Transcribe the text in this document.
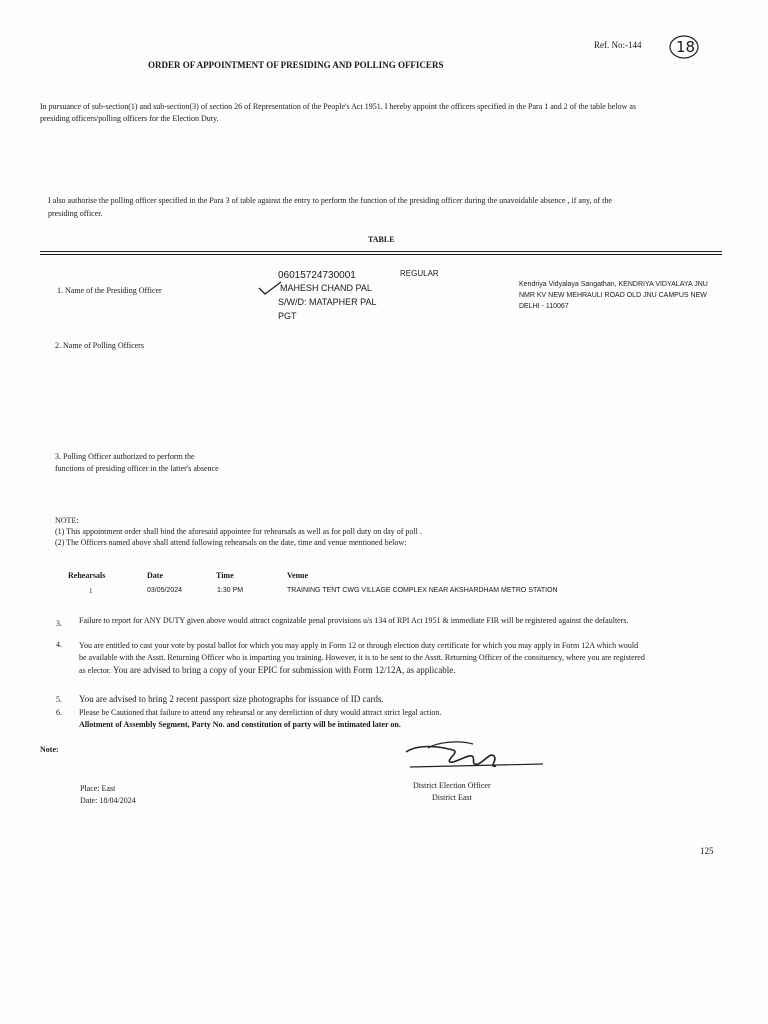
Ref. No:-144 18
ORDER OF APPOINTMENT OF PRESIDING AND POLLING OFFICERS
In pursuance of sub-section(1) and sub-section(3) of section 26 of Representation of the People's Act 1951. I hereby appoint the officers specified in the Para 1 and 2 of the table below as presiding officers/polling officers for the Election Duty.
I also authorise the polling officer specified in the Para 3 of table against the entry to perform the function of the presiding officer during the unavoidable absence , if any, of the presiding officer.
TABLE
1. Name of the Presiding Officer
06015724730001	REGULAR
MAHESH CHAND PAL
S/W/D: MATAPHER PAL
PGT
Kendriya Vidyalaya Sangathan, KENDRIYA VIDYALAYA JNU NMR KV NEW MEHRAULI ROAD OLD JNU CAMPUS NEW DELHI - 110067
2. Name of Polling Officers
3. Polling Officer authorized to perform the functions of presiding officer in the latter's absence
NOTE:
(1) This appointment order shall bind the aforesaid appointee for rehearsals as well as for poll duty on day of poll .
(2) The Officers named above shall attend following rehearsals on the date, time and venue mentioned below:
Rehearsals	Date	Time	Venue
1	03/05/2024	1:30 PM	TRAINING TENT CWG VILLAGE COMPLEX NEAR AKSHARDHAM METRO STATION
3. Failure to report for ANY DUTY given above would attract cognizable penal provisions u/s 134 of RPI Act 1951 & immediate FIR will be registered against the defaulters.
4. You are entitled to cast your vote by postal ballot for which you may apply in Form 12 or through election duty certificate for which you may apply in Form 12A which would be available with the Asstt. Returning Officer who is imparting you training. However, it is to be sent to the Asstt. Returning Officer of the consituency, where you are registered as elector. You are advised to bring a copy of your EPIC for submission with Form 12/12A, as applicable.
5. You are advised to bring 2 recent passport size photographs for issuance of ID cards.
6. Please be Cautioned that failure to attend any rehearsal or any dereliction of duty would attract strict legal action.
Allotment of Assembly Segment, Party No. and constitution of party will be intimated later on.
Note:
Place: East
Date: 18/04/2024
District Election Officer
District East
125
